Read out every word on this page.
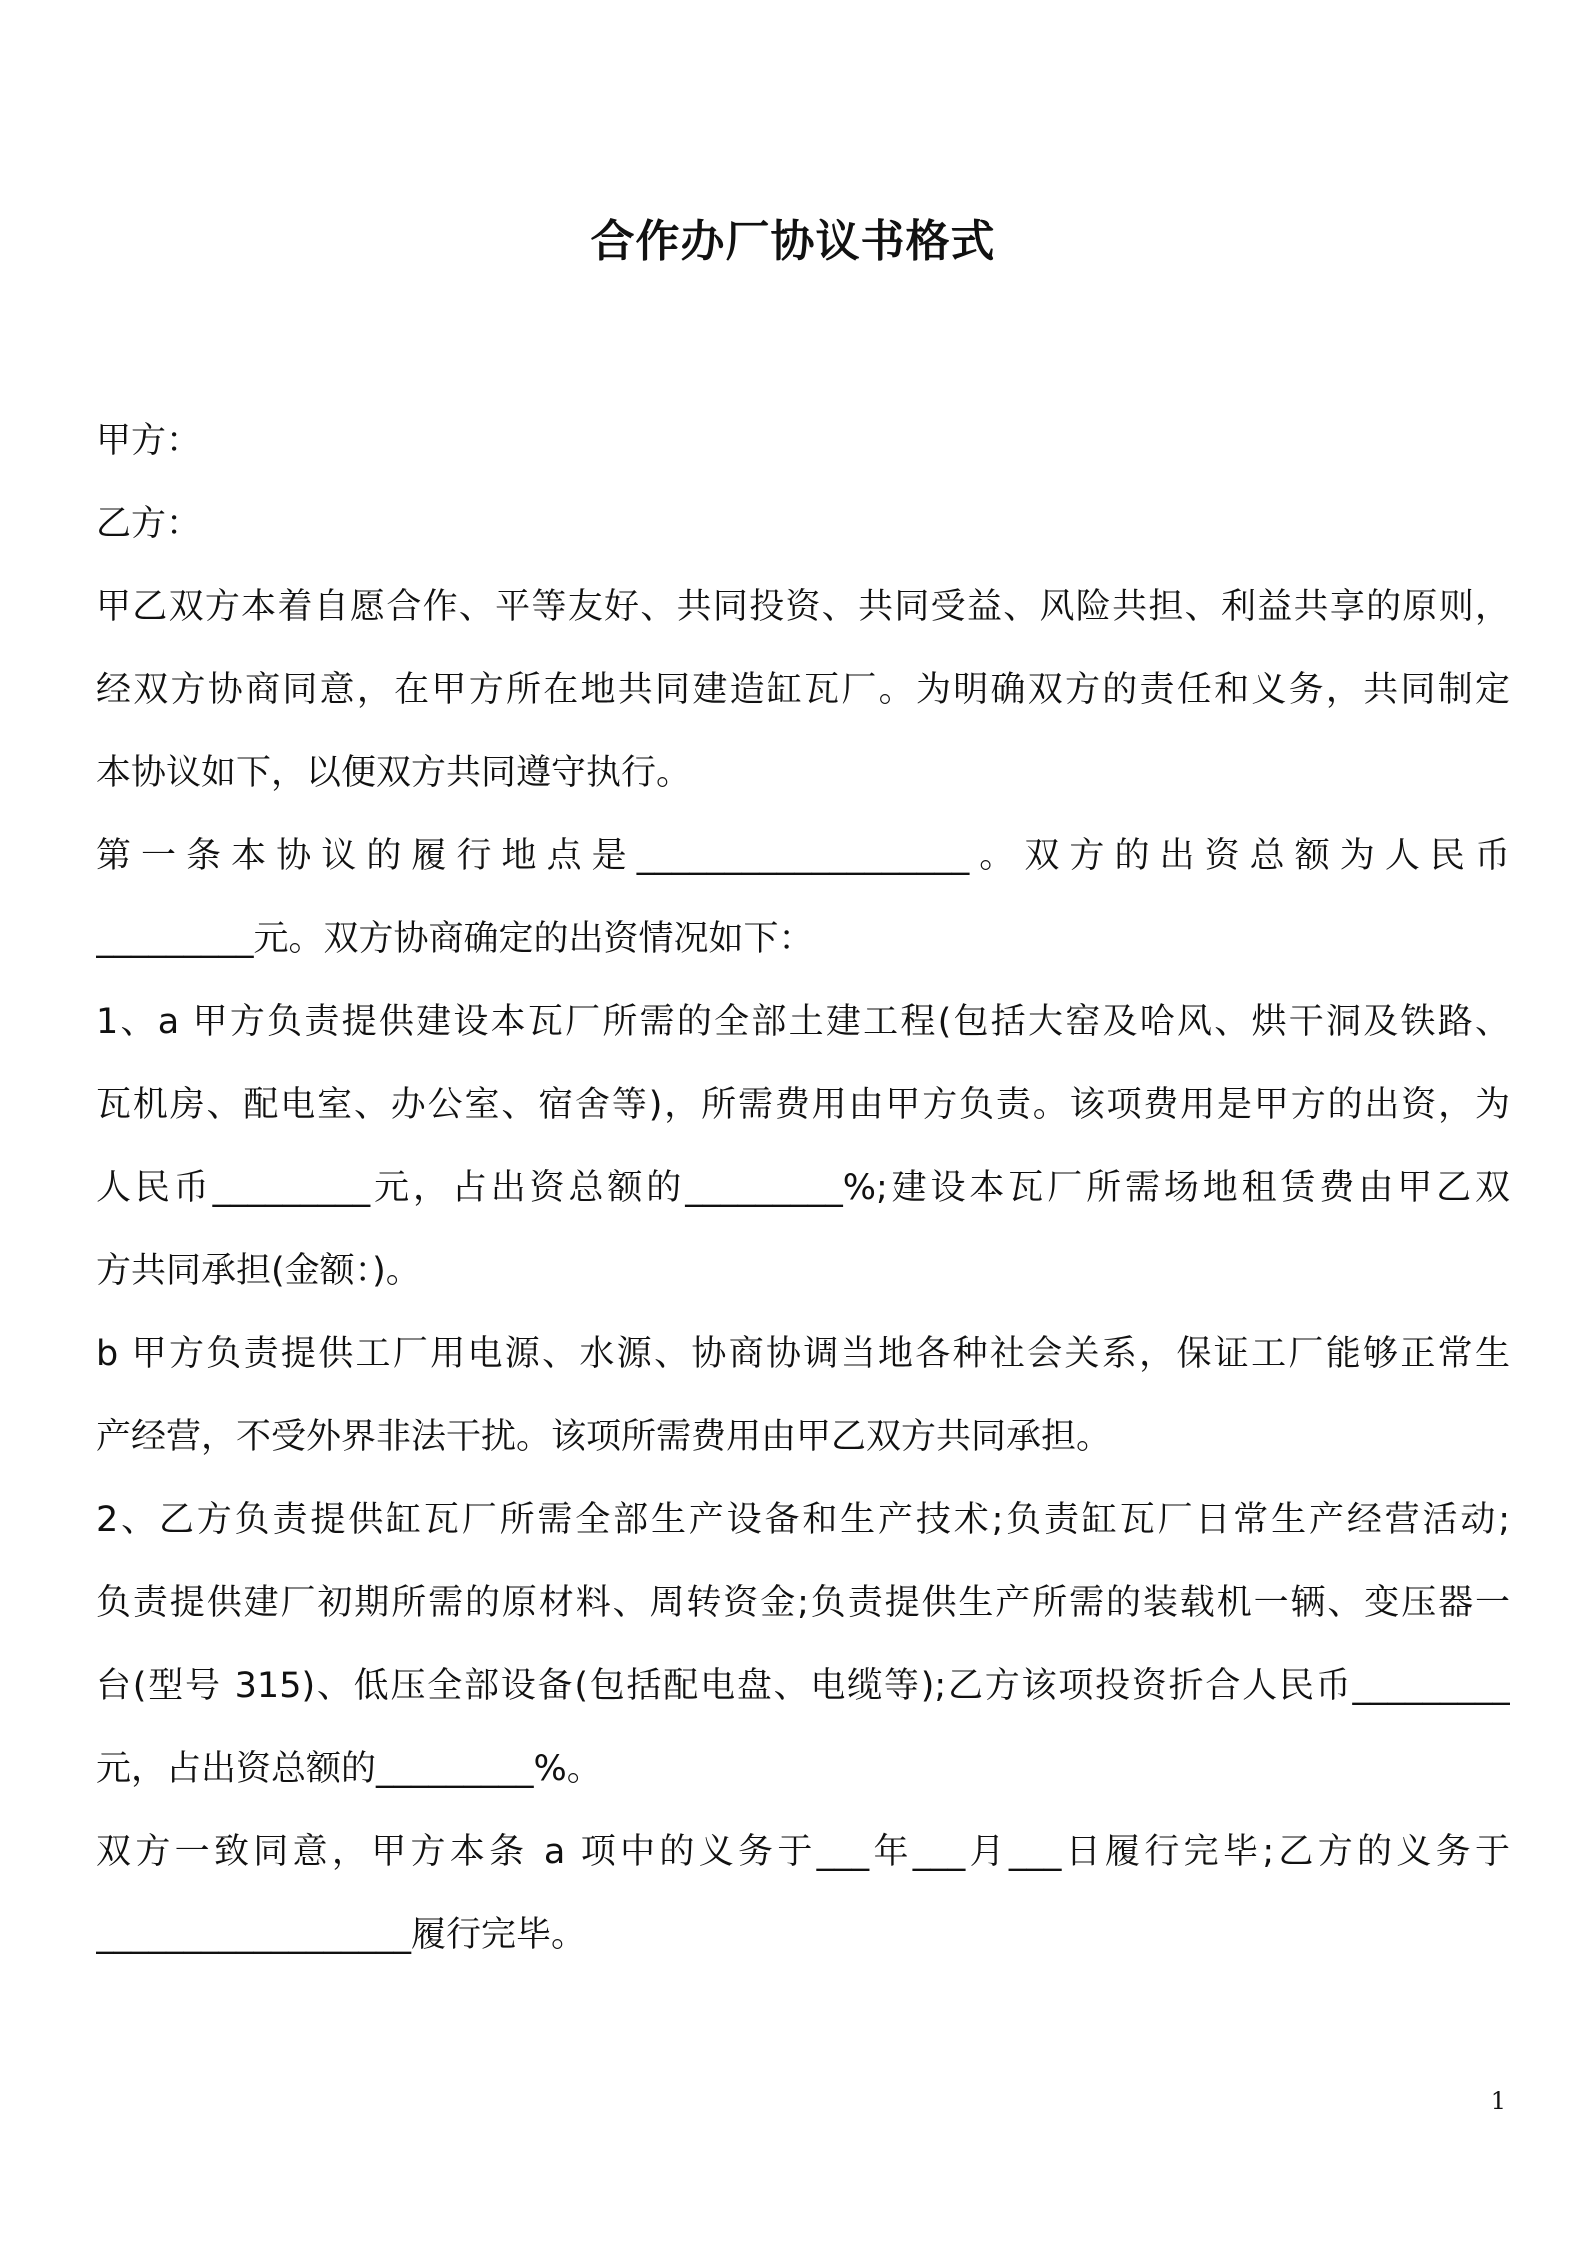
合作办厂协议书格式
甲方：
乙方：
甲乙双方本着自愿合作、平等友好、共同投资、共同受益、风险共担、利益共享的原则，
经双方协商同意，在甲方所在地共同建造缸瓦厂。为明确双方的责任和义务，共同制定
本协议如下，以便双方共同遵守执行。
第一条本协议的履行地点是___________________。双方的出资总额为人民币
_________元。双方协商确定的出资情况如下：
1、a 甲方负责提供建设本瓦厂所需的全部土建工程(包括大窑及哈风、烘干洞及铁路、
瓦机房、配电室、办公室、宿舍等)，所需费用由甲方负责。该项费用是甲方的出资，为
人民币_________元，占出资总额的_________%;建设本瓦厂所需场地租赁费由甲乙双
方共同承担(金额：)。
b 甲方负责提供工厂用电源、水源、协商协调当地各种社会关系，保证工厂能够正常生
产经营，不受外界非法干扰。该项所需费用由甲乙双方共同承担。
2、乙方负责提供缸瓦厂所需全部生产设备和生产技术;负责缸瓦厂日常生产经营活动;
负责提供建厂初期所需的原材料、周转资金;负责提供生产所需的装载机一辆、变压器一
台(型号 315)、低压全部设备(包括配电盘、电缆等);乙方该项投资折合人民币_________
元，占出资总额的_________%。
双方一致同意，甲方本条 a 项中的义务于___年___月___日履行完毕;乙方的义务于
__________________履行完毕。
1
